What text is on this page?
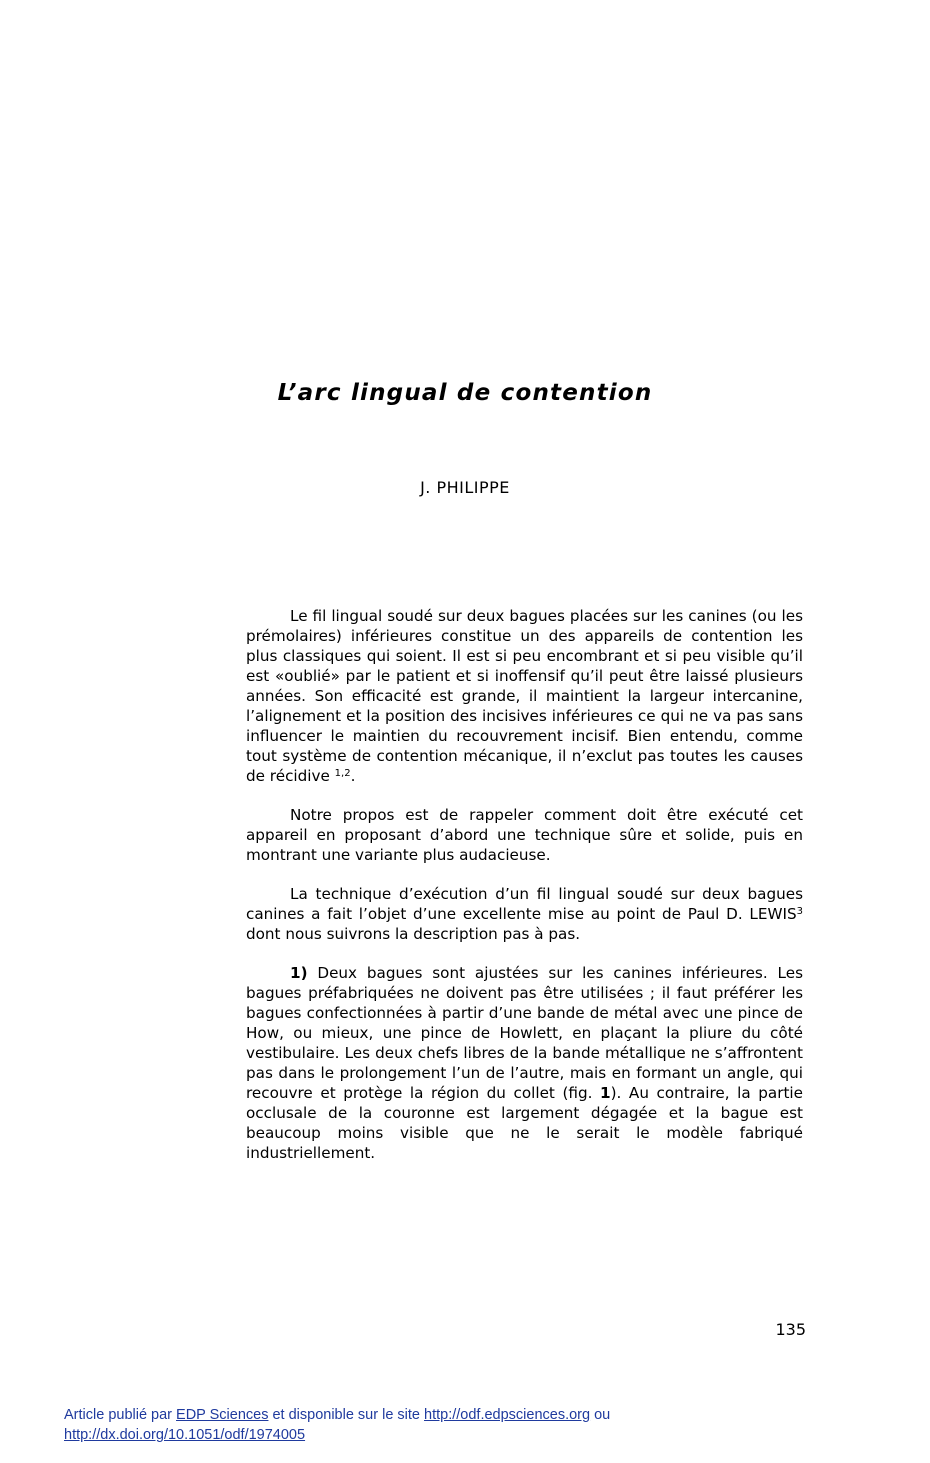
L’arc lingual de contention
J. PHILIPPE

Le fil lingual soudé sur deux bagues placées sur les canines (ou les prémolaires) inférieures constitue un des appareils de contention les plus classiques qui soient. Il est si peu encombrant et si peu visible qu’il est «oublié» par le patient et si inoffensif qu’il peut être laissé plusieurs années. Son efficacité est grande, il maintient la largeur intercanine, l’alignement et la position des incisives inférieures ce qui ne va pas sans influencer le maintien du recouvrement incisif. Bien entendu, comme tout système de contention mécanique, il n’exclut pas toutes les causes de récidive $^{1,2}$.

Notre propos est de rappeler comment doit être exécuté cet appareil en proposant d’abord une technique sûre et solide, puis en montrant une variante plus audacieuse.

La technique d’exécution d’un fil lingual soudé sur deux bagues canines a fait l’objet d’une excellente mise au point de Paul D. LEWIS$^3$ dont nous suivrons la description pas à pas.

1) Deux bagues sont ajustées sur les canines inférieures. Les bagues préfabriquées ne doivent pas être utilisées ; il faut préférer les bagues confectionnées à partir d’une bande de métal avec une pince de How, ou mieux, une pince de Howlett, en plaçant la pliure du côté vestibulaire. Les deux chefs libres de la bande métallique ne s’affrontent pas dans le prolongement l’un de l’autre, mais en formant un angle, qui recouvre et protège la région du collet (fig. 1). Au contraire, la partie occlusale de la couronne est largement dégagée et la bague est beaucoup moins visible que ne le serait le modèle fabriqué industriellement.

135
Article publié par EDP Sciences et disponible sur le site http://odf.edpsciences.org ou
http://dx.doi.org/10.1051/odf/1974005
